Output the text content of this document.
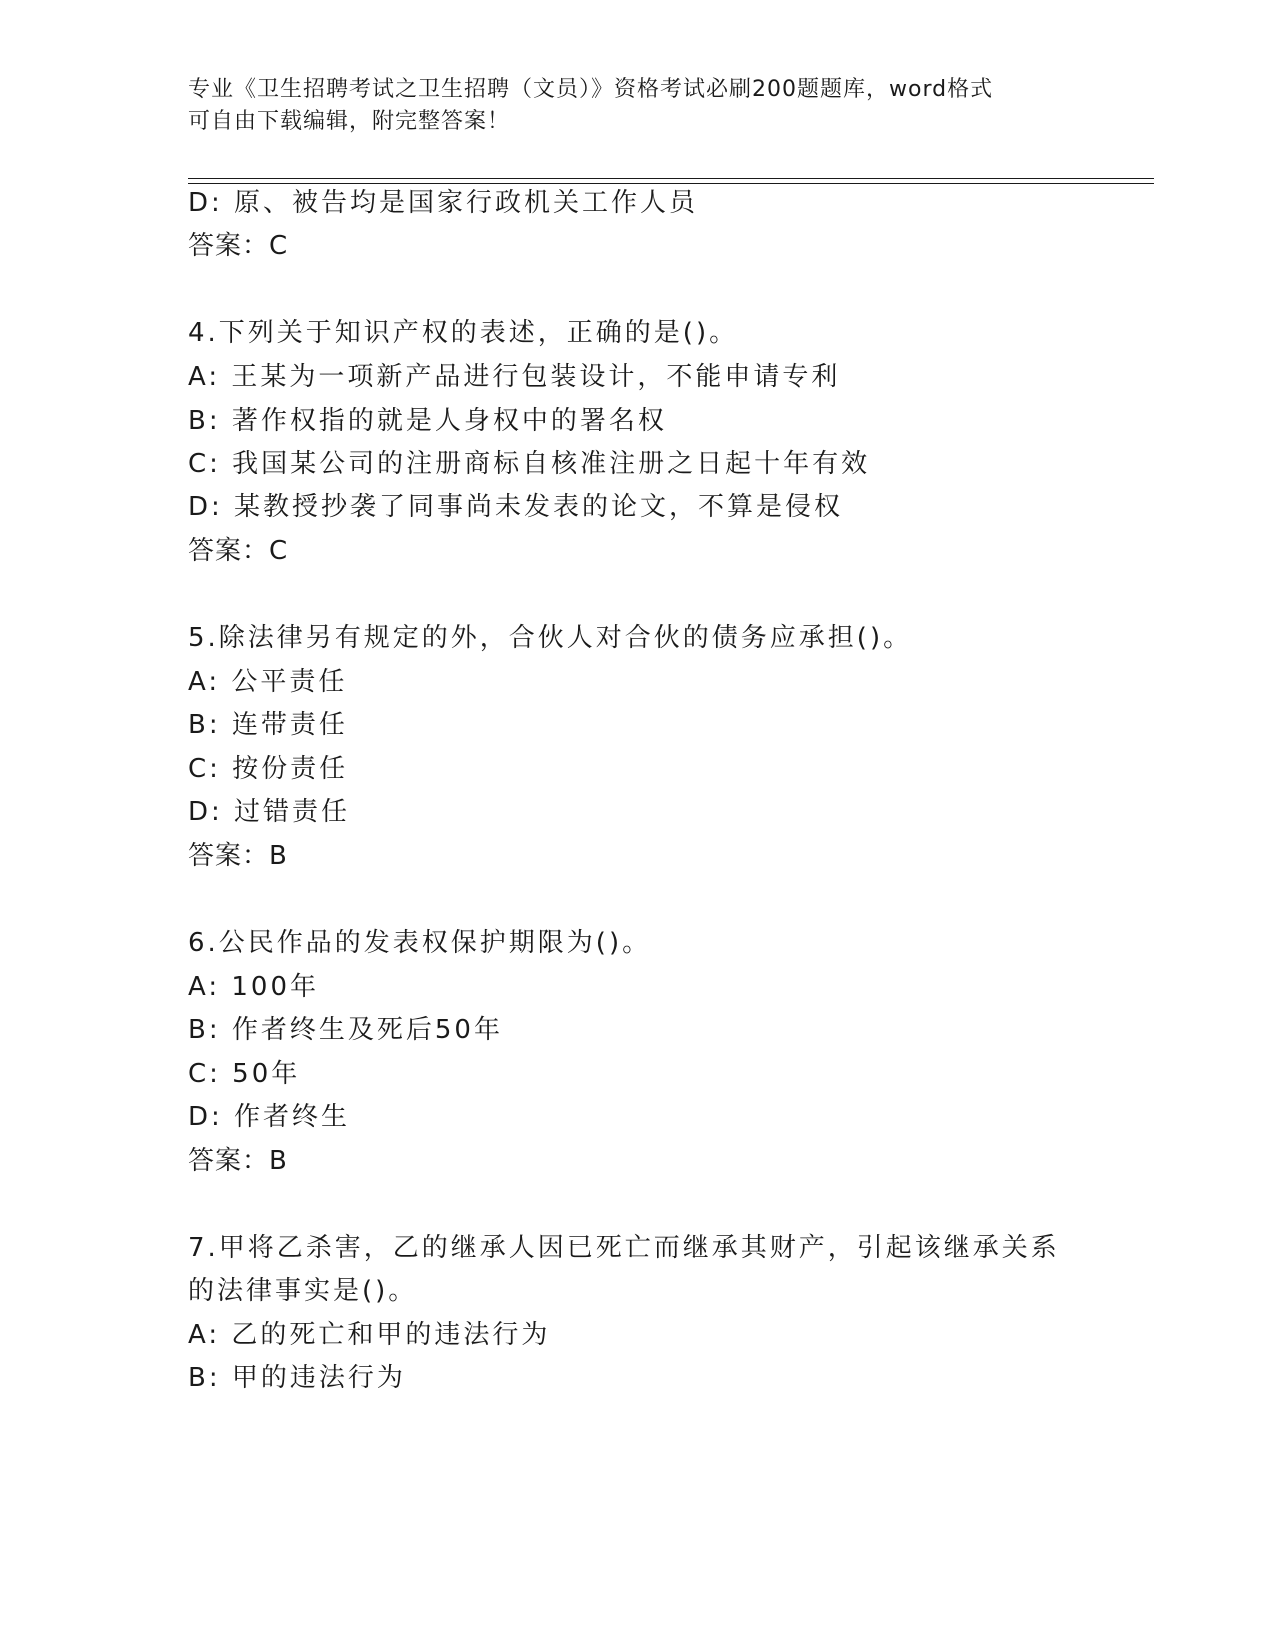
专业《卫生招聘考试之卫生招聘（文员）》资格考试必刷200题题库，word格式
可自由下载编辑，附完整答案！
D: 原、被告均是国家行政机关工作人员
答案：C
4.下列关于知识产权的表述，正确的是()。
A: 王某为一项新产品进行包装设计，不能申请专利
B: 著作权指的就是人身权中的署名权
C: 我国某公司的注册商标自核准注册之日起十年有效
D: 某教授抄袭了同事尚未发表的论文，不算是侵权
答案：C
5.除法律另有规定的外，合伙人对合伙的债务应承担()。
A: 公平责任
B: 连带责任
C: 按份责任
D: 过错责任
答案：B
6.公民作品的发表权保护期限为()。
A: 100年
B: 作者终生及死后50年
C: 50年
D: 作者终生
答案：B
7.甲将乙杀害，乙的继承人因已死亡而继承其财产，引起该继承关系
的法律事实是()。
A: 乙的死亡和甲的违法行为
B: 甲的违法行为
